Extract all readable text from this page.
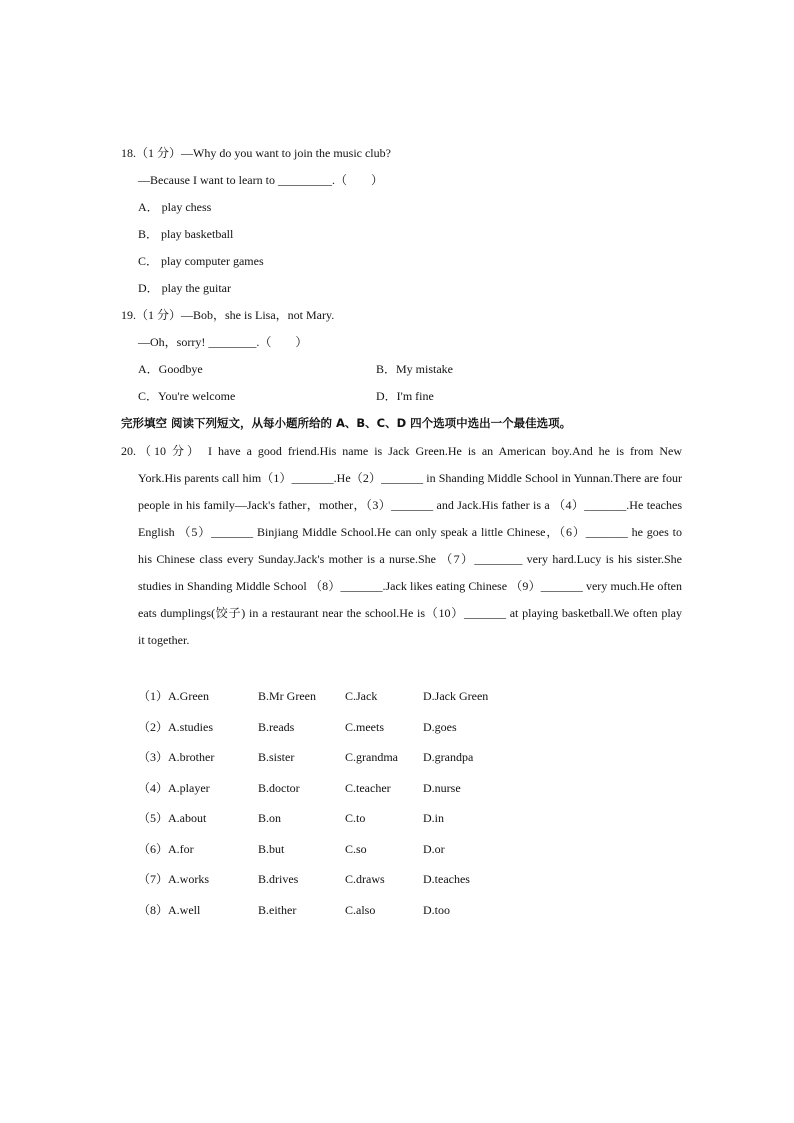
18.（1 分）—Why do you want to join the music club?
—Because I want to learn to _________.（　　）
A． play chess
B． play basketball
C． play computer games
D． play the guitar
19.（1 分）—Bob，she is Lisa，not Mary.
—Oh，sorry! ________.（　　）
A．Goodbye	B．My mistake
C．You're welcome	D．I'm fine
完形填空 阅读下列短文，从每小题所给的 A、B、C、D 四个选项中选出一个最佳选项。
20.（10 分） I have a good friend.His name is Jack Green.He is an American boy.And he is from New
York.His parents call him（1）_______.He（2）_______ in Shanding Middle School in Yunnan.There are four
people in his family—Jack's father，mother，（3）_______ and Jack.His father is a （4）_______.He teaches
English （5）_______ Binjiang Middle School.He can only speak a little Chinese，（6）_______ he goes to
his Chinese class every Sunday.Jack's mother is a nurse.She （7）________ very hard.Lucy is his sister.She
studies in Shanding Middle School （8）_______.Jack likes eating Chinese （9）_______ very much.He often
eats dumplings(饺子) in a restaurant near the school.He is（10）_______ at playing basketball.We often play
it together.
（1）A.Green	B.Mr Green C.Jack	D.Jack Green
（2）A.studies	B.reads	C.meets	D.goes
（3）A.brother	B.sister	C.grandma D.grandpa
（4）A.player	B.doctor	C.teacher	D.nurse
（5）A.about	B.on	C.to	D.in
（6）A.for	B.but	C.so	D.or
（7）A.works	B.drives	C.draws	D.teaches
（8）A.well	B.either	C.also	D.too
